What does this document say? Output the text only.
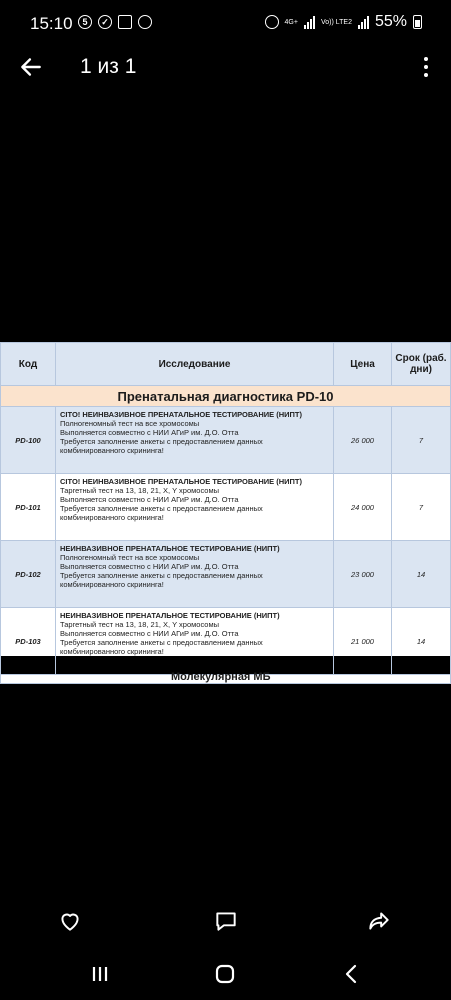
15:10	5	✓	4G+	Vo)) LTE2 55%
1 из 1
Код	Исследование	Цена	Срок (раб. дни)
Пренатальная диагностика PD-10			
PD-100	CITO! НЕИНВАЗИВНОЕ ПРЕНАТАЛЬНОЕ ТЕСТИРОВАНИЕ (НИПТ)
Полногеномный тест на все хромосомы
Выполняется совместно с НИИ АГиР им. Д.О. Отта
Требуется заполнение анкеты с предоставлением данных комбинированного скрининга!	26 000	7
PD-101	CITO! НЕИНВАЗИВНОЕ ПРЕНАТАЛЬНОЕ ТЕСТИРОВАНИЕ (НИПТ)
Таргетный тест на 13, 18, 21, X, Y хромосомы
Выполняется совместно с НИИ АГиР им. Д.О. Отта
Требуется заполнение анкеты с предоставлением данных комбинированного скрининга!	24 000	7
PD-102	НЕИНВАЗИВНОЕ ПРЕНАТАЛЬНОЕ ТЕСТИРОВАНИЕ (НИПТ)
Полногеномный тест на все хромосомы
Выполняется совместно с НИИ АГиР им. Д.О. Отта
Требуется заполнение анкеты с предоставлением данных комбинированного скрининга!	23 000	14
PD-103	НЕИНВАЗИВНОЕ ПРЕНАТАЛЬНОЕ ТЕСТИРОВАНИЕ (НИПТ)
Таргетный тест на 13, 18, 21, X, Y хромосомы
Выполняется совместно с НИИ АГиР им. Д.О. Отта
Требуется заполнение анкеты с предоставлением данных комбинированного скрининга!	21 000	14

Молекулярная МБ			
